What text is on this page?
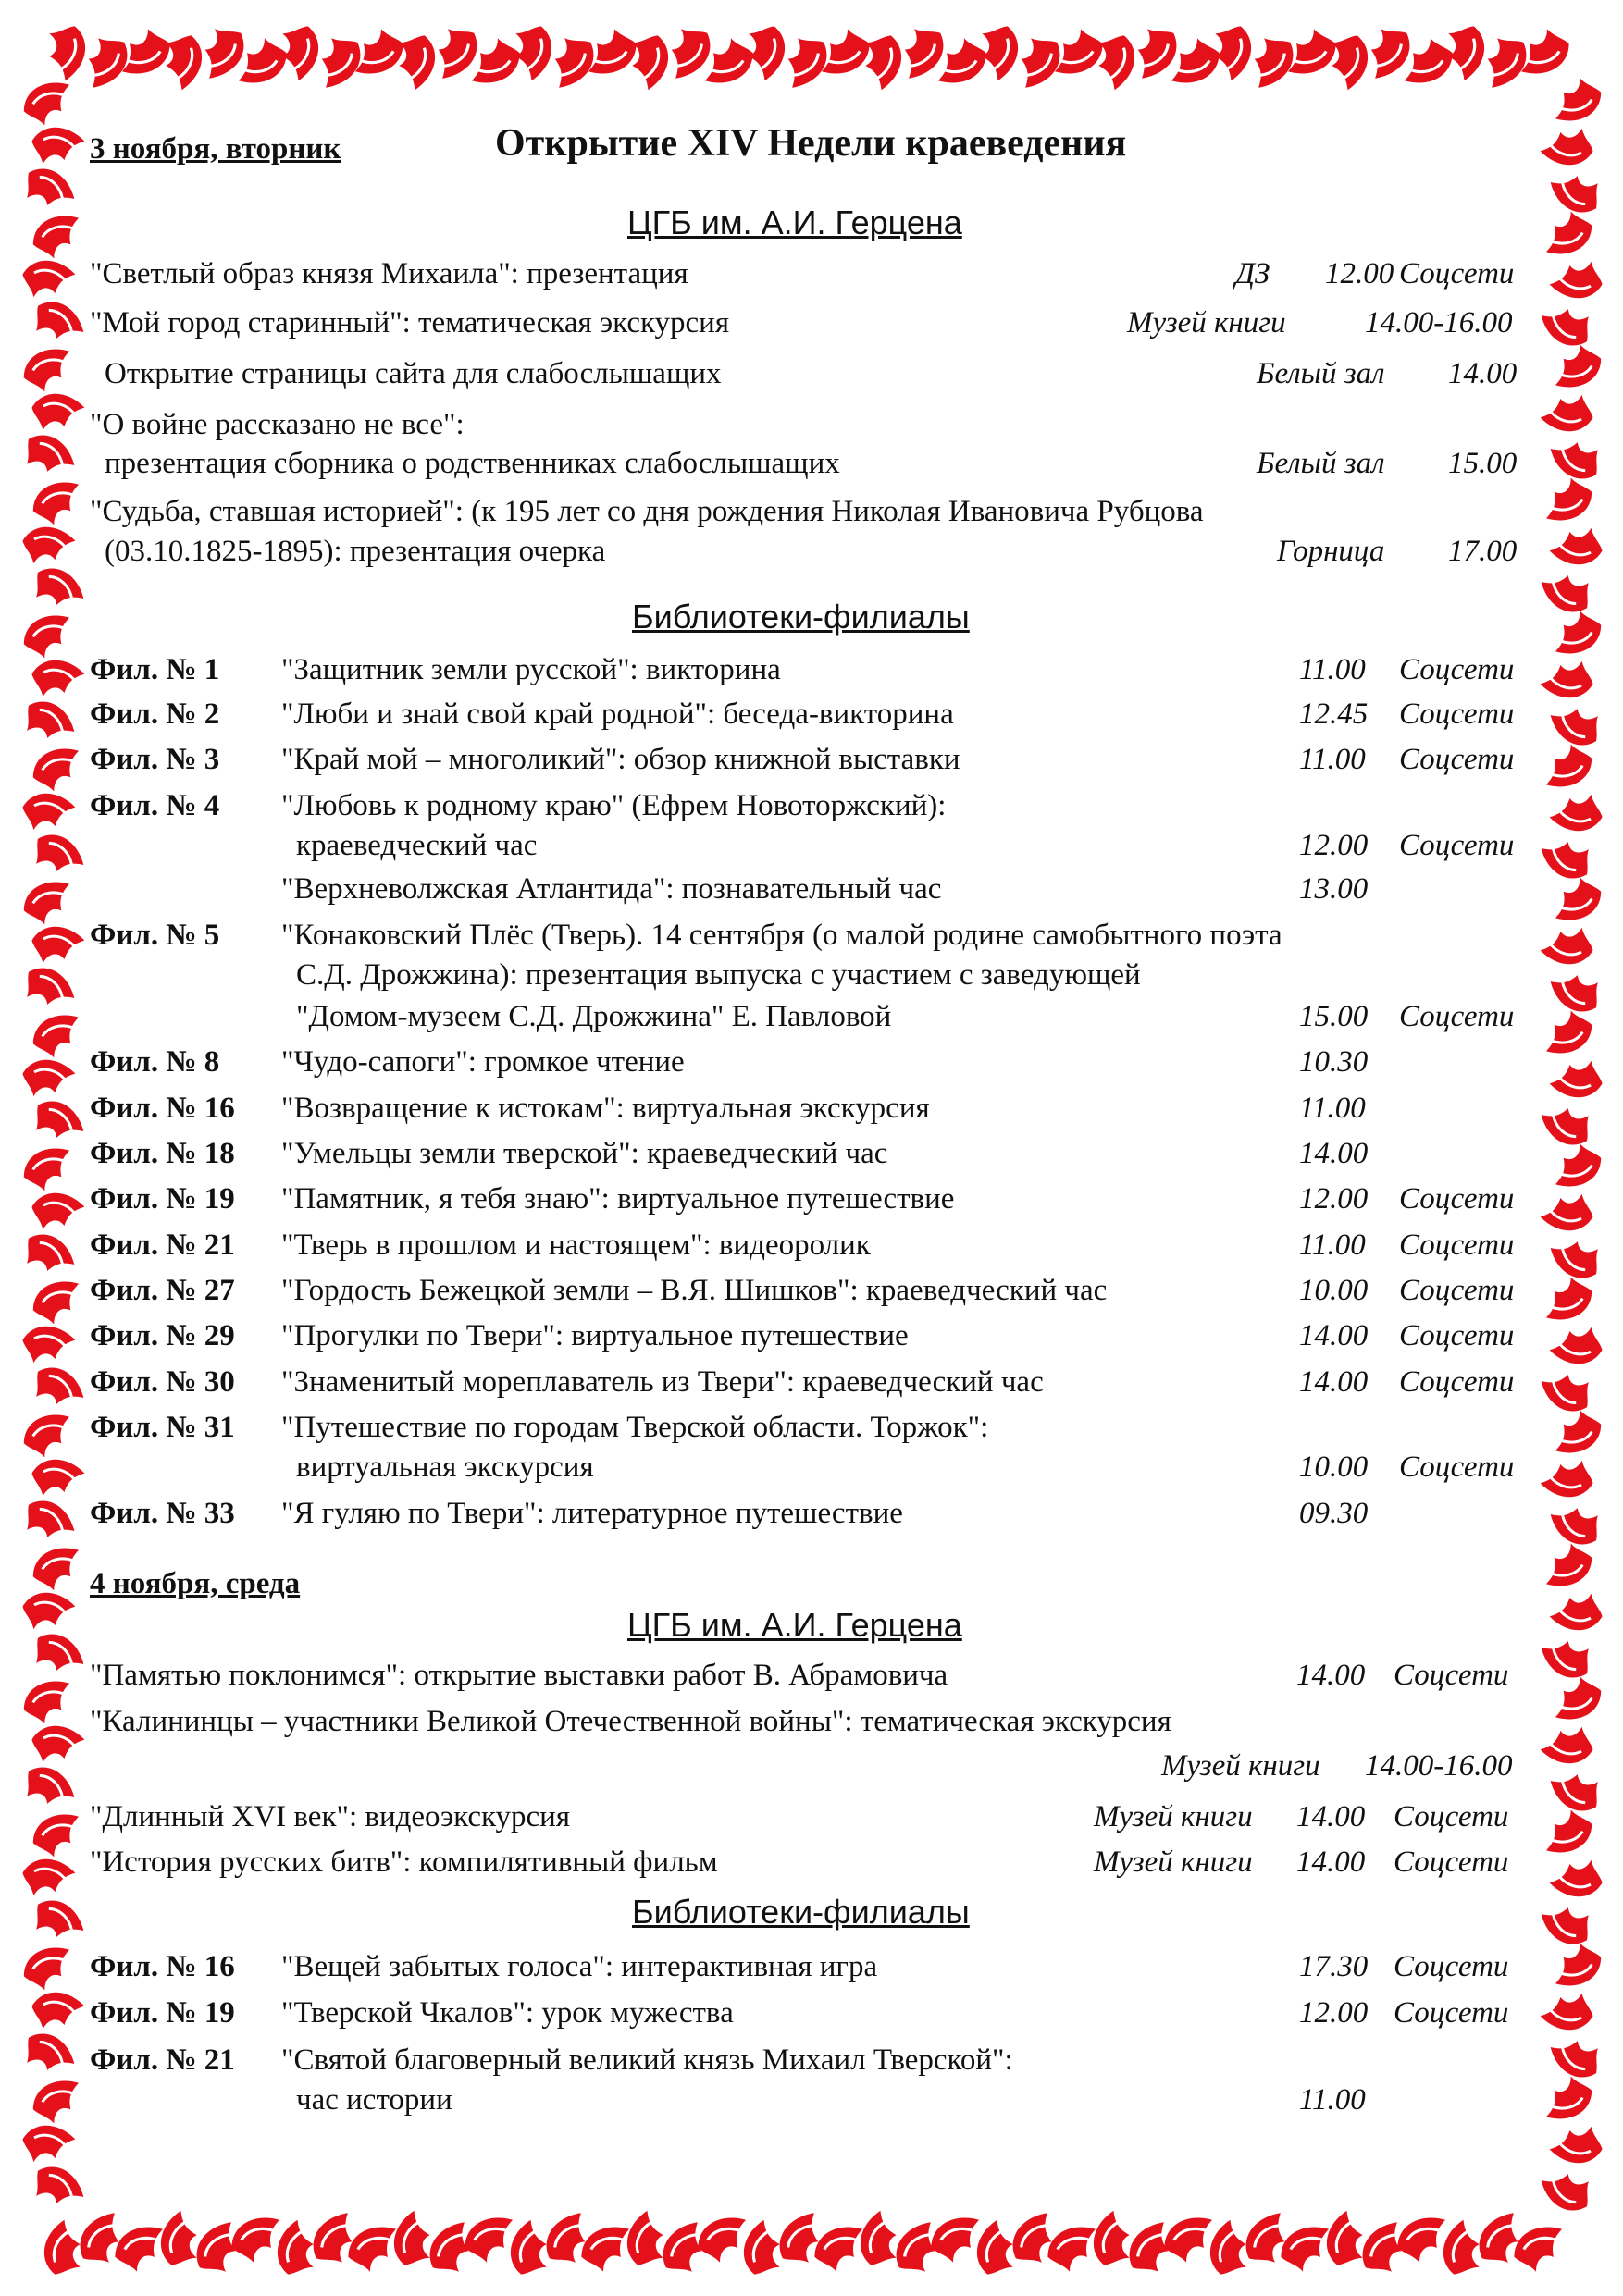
3 ноября, вторник	Открытие XIV Недели краеведения
ЦГБ им. А.И. Герцена
"Светлый образ князя Михаила": презентация	ДЗ 12.00 Соцсети
"Мой город старинный": тематическая экскурсия	Музей книги	14.00-16.00
Открытие страницы сайта для слабослышащих	Белый зал 14.00
"О войне рассказано не все":
презентация сборника о родственниках слабослышащих	Белый зал 15.00
"Судьба, ставшая историей": (к 195 лет со дня рождения Николая Ивановича Рубцова
(03.10.1825-1895): презентация очерка	Горница 17.00
Библиотеки-филиалы
Фил. № 1 "Защитник земли русской": викторина	11.00 Соцсети
Фил. № 2 "Люби и знай свой край родной": беседа-викторина	12.45 Соцсети
Фил. № 3 "Край мой – многоликий": обзор книжной выставки	11.00 Соцсети
Фил. № 4 "Любовь к родному краю" (Ефрем Новоторжский):
краеведческий час	12.00 Соцсети
"Верхневолжская Атлантида": познавательный час	13.00
Фил. № 5 "Конаковский Плёс (Тверь). 14 сентября (о малой родине самобытного поэта
С.Д. Дрожжина): презентация выпуска с участием с заведующей
"Домом-музеем С.Д. Дрожжина" Е. Павловой	15.00 Соцсети
Фил. № 8 "Чудо-сапоги": громкое чтение	10.30
Фил. № 16 "Возвращение к истокам": виртуальная экскурсия	11.00
Фил. № 18 "Умельцы земли тверской": краеведческий час	14.00
Фил. № 19 "Памятник, я тебя знаю": виртуальное путешествие	12.00 Соцсети
Фил. № 21 "Тверь в прошлом и настоящем": видеоролик	11.00 Соцсети
Фил. № 27 "Гордость Бежецкой земли – В.Я. Шишков": краеведческий час	10.00 Соцсети
Фил. № 29 "Прогулки по Твери": виртуальное путешествие	14.00 Соцсети
Фил. № 30 "Знаменитый мореплаватель из Твери": краеведческий час	14.00 Соцсети
Фил. № 31 "Путешествие по городам Тверской области. Торжок":
виртуальная экскурсия	10.00 Соцсети
Фил. № 33 "Я гуляю по Твери": литературное путешествие	09.30
4 ноября, среда
ЦГБ им. А.И. Герцена
"Памятью поклонимся": открытие выставки работ В. Абрамовича	14.00 Соцсети
"Калининцы – участники Великой Отечественной войны": тематическая экскурсия
Музей книги 14.00-16.00
"Длинный XVI век": видеоэкскурсия	Музей книги 14.00 Соцсети
"История русских битв": компилятивный фильм	Музей книги 14.00 Соцсети
Библиотеки-филиалы
Фил. № 16 "Вещей забытых голоса": интерактивная игра	17.30 Соцсети
Фил. № 19 "Тверской Чкалов": урок мужества	12.00 Соцсети
Фил. № 21 "Святой благоверный великий князь Михаил Тверской":
час истории	11.00
